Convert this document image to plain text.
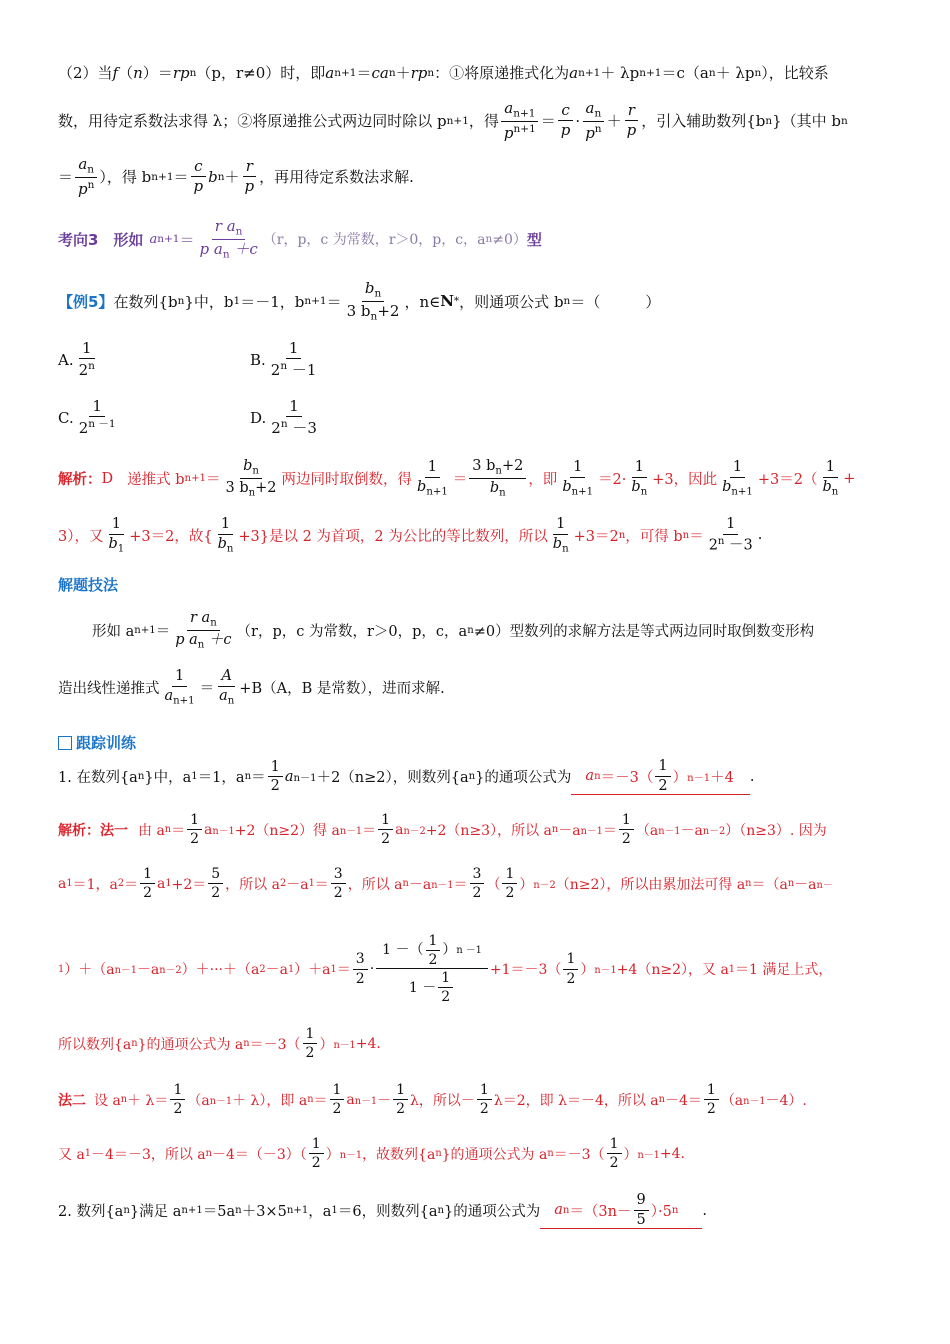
（2）当 f （ n ）＝ rp n （p，r≠0）时，即 a n+1 ＝ ca n ＋ rp n ：①将原递推式化为 a n+1 ＋ λp n+1 ＝c（a n ＋ λp n ），比较系
数，用待定系数法求得 λ；②将原递推公式两边同时除以 p n+1 ，得 $\frac{a_{n+1}}{p^{n+1}} = \frac{c}{p} \cdot \frac{a_n}{p^n} + \frac{r}{p}$ ，引入辅助数列{b n }（其中 b n
＝ $\frac{a_n}{p^n}$ ），得 b $n+1 = \frac{c}{p}$ b $n + \frac{r}{p}$ ，再用待定系数法求解.
考向3　形如 a $n+1 = \frac{r a_n}{p a_n +c} (r$，p，c 为常数，r＞0，p，c，a n ≠0） 型
【例5】 在数列{b n }中，b 1 ＝－1，b $n+1 = \frac{b_n}{3 b_n+2}$ ，n∈ N * ，则通项公式 b n ＝（　　　）
A. $\frac{1}{2^n}$	B. $\frac{1}{2^n -1}$
C. $\frac{1}{2^{n -1}}$	D. $\frac{1}{2^n -3}$
解析： D 递推式 b $n+1 = \frac{b_n}{3 b_n+2}$ 两边同时取倒数，得 $\frac{1}{b_{n+1}} = \frac{3 b_n+2}{b_n}$ ，即 $\frac{1}{b_{n+1}} =2\cdot \frac{1}{b_n} +3$，因此 $\frac{1}{b_{n+1}} +3=2( \frac{1}{b_n}$ +
3），又 $\frac{1}{b_1} +3=2$，故{ $\frac{1}{b_n} +3$}是以 2 为首项，2 为公比的等比数列，所以 $\frac{1}{b_n} +3=2$ n ，可得 b $n = \frac{1}{2^n -3}$ .
解题技法
形如 a $n+1 = \frac{r a_n}{p a_n +c} (r$，p，c 为常数，r＞0，p，c，a n ≠0）型数列的求解方法是等式两边同时取倒数变形构
造出线性递推式 $\frac{1}{a_{n+1}} = \frac{A}{a_n} +B(A$，B 是常数），进而求解.
跟踪训练
1. 在数列{a n }中，a 1 ＝1，a $n = \frac{1}{2}$ a n－1 ＋2（n≥2），则数列{a n }的通项公式为 a $n =-3( \frac{1}{2}$ ） n－1 ＋4 .
解析：法一 由 a $n = \frac{1}{2}$ a n－1 +2（n≥2）得 a $n-1 = \frac{1}{2}$ a n－2 +2（n≥3），所以 a n －a $n-1 = \frac{1}{2} (a$ n－1 －a n－2 ）（n≥3）. 因为
a 1 ＝1，a $2 = \frac{1}{2}$ a $1 +2= \frac{5}{2}$ ，所以 a 2 －a $1 = \frac{3}{2}$ ，所以 a n －a $n-1 = \frac{3}{2}$ （ $\frac{1}{2}$ ） n－2 （n≥2），所以由累加法可得 a n ＝（a n －a n－
1 ）＋（a n－1 －a n－2 ）＋···＋（a 2 －a 1 ）＋a $1 = \frac{3}{2} \cdot \frac{1 -( \frac{1}{2} ) n -1}{1 - \frac{1}{2}} +1=-3( \frac{1}{2}$ ） n－1 +4（n≥2），又 a 1 ＝1 满足上式，
所以数列{a n }的通项公式为 a $n =-3( \frac{1}{2}$ ） n－1 +4.
法二 设 a $n + \lambda= \frac{1}{2} (a$ n－1 ＋ λ），即 a $n = \frac{1}{2}$ a $n-1 - \frac{1}{2}$ λ，所以－ $\frac{1}{2} \lambda=2$，即 λ＝－4，所以 a $n -4= \frac{1}{2} (a$ n－1 －4）.
又 a 1 －4＝－3，所以 a $n -4=(-3)( \frac{1}{2}$ ） n－1 ，故数列{a n }的通项公式为 a $n =-3( \frac{1}{2}$ ） n－1 +4.
2. 数列{a n }满足 a n+1 ＝5a n ＋3×5 n+1 ，a 1 ＝6，则数列{a n }的通项公式为 a $n =(3n- \frac{9}{5} )\cdot 5$ n .
